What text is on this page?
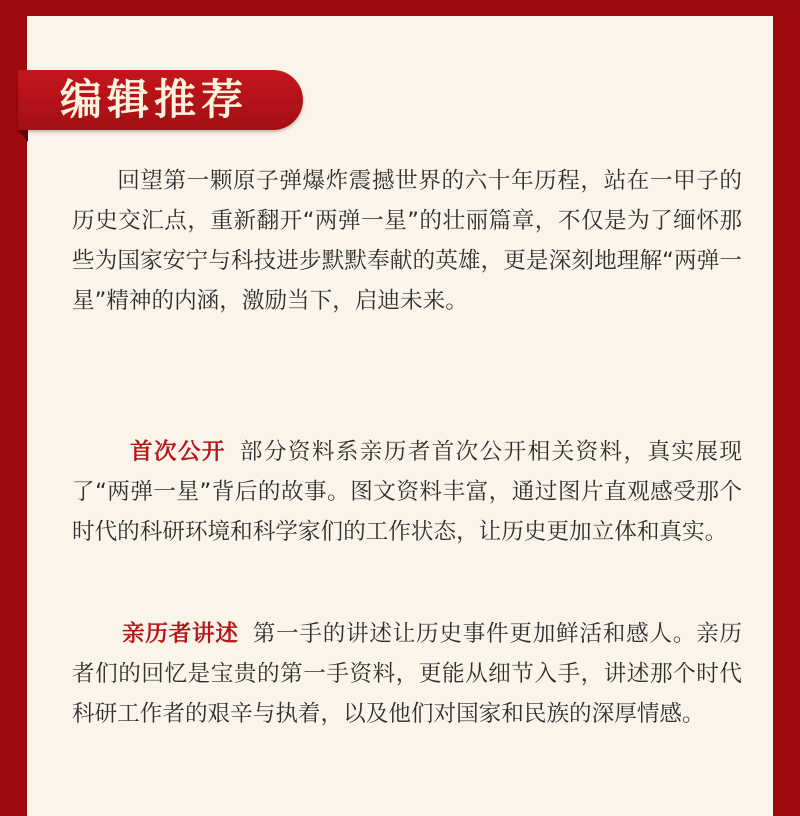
编辑推荐
回望第一颗原子弹爆炸震撼世界的六十年历程，站在一甲子的历史交汇点，重新翻开“两弹一星”的壮丽篇章，不仅是为了缅怀那些为国家安宁与科技进步默默奉献的英雄，更是深刻地理解“两弹一星”精神的内涵，激励当下，启迪未来。
首次公开 部分资料系亲历者首次公开相关资料，真实展现了“两弹一星”背后的故事。图文资料丰富，通过图片直观感受那个时代的科研环境和科学家们的工作状态，让历史更加立体和真实。
亲历者讲述 第一手的讲述让历史事件更加鲜活和感人。亲历者们的回忆是宝贵的第一手资料，更能从细节入手，讲述那个时代科研工作者的艰辛与执着，以及他们对国家和民族的深厚情感。
